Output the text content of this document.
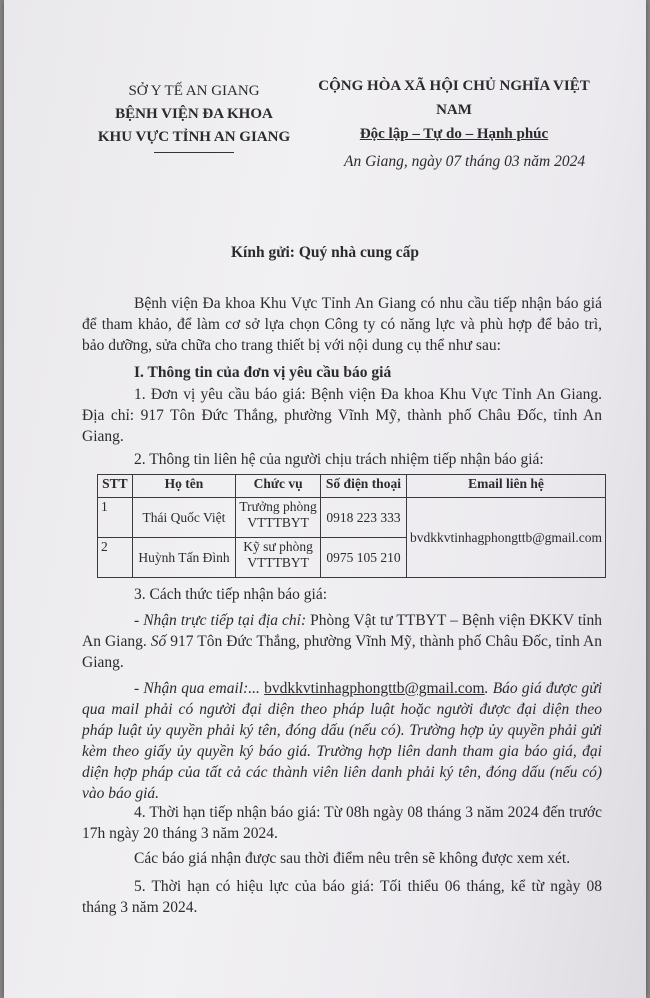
SỞ Y TẾ AN GIANG
BỆNH VIỆN ĐA KHOA
KHU VỰC TỈNH AN GIANG
CỘNG HÒA XÃ HỘI CHỦ NGHĨA VIỆT NAM
Độc lập – Tự do – Hạnh phúc
An Giang, ngày 07 tháng 03 năm 2024
Kính gửi: Quý nhà cung cấp
Bệnh viện Đa khoa Khu Vực Tỉnh An Giang có nhu cầu tiếp nhận báo giá để tham khảo, để làm cơ sở lựa chọn Công ty có năng lực và phù hợp để bảo trì, bảo dưỡng, sửa chữa cho trang thiết bị với nội dung cụ thể như sau:
I. Thông tin của đơn vị yêu cầu báo giá
1. Đơn vị yêu cầu báo giá: Bệnh viện Đa khoa Khu Vực Tỉnh An Giang. Địa chỉ: 917 Tôn Đức Thắng, phường Vĩnh Mỹ, thành phố Châu Đốc, tỉnh An Giang.
2. Thông tin liên hệ của người chịu trách nhiệm tiếp nhận báo giá:
STT	Họ tên	Chức vụ	Số điện thoại	Email liên hệ
1	Thái Quốc Việt	Trưởng phòng VTTTBYT	0918 223 333	bvdkkvtinhagphongttb@gmail.com
2	Huỳnh Tấn Đình	Kỹ sư phòng VTTTBYT	0975 105 210	
3. Cách thức tiếp nhận báo giá:
- Nhận trực tiếp tại địa chỉ: Phòng Vật tư TTBYT – Bệnh viện ĐKKV tỉnh An Giang. Số 917 Tôn Đức Thắng, phường Vĩnh Mỹ, thành phố Châu Đốc, tỉnh An Giang.
- Nhận qua email:... bvdkkvtinhagphongttb@gmail.com. Báo giá được gửi qua mail phải có người đại diện theo pháp luật hoặc người được đại diện theo pháp luật ủy quyền phải ký tên, đóng dấu (nếu có). Trường hợp ủy quyền phải gửi kèm theo giấy ủy quyền ký báo giá. Trường hợp liên danh tham gia báo giá, đại diện hợp pháp của tất cả các thành viên liên danh phải ký tên, đóng dấu (nếu có) vào báo giá.
4. Thời hạn tiếp nhận báo giá: Từ 08h ngày 08 tháng 3 năm 2024 đến trước 17h ngày 20 tháng 3 năm 2024.
Các báo giá nhận được sau thời điểm nêu trên sẽ không được xem xét.
5. Thời hạn có hiệu lực của báo giá: Tối thiểu 06 tháng, kể từ ngày 08 tháng 3 năm 2024.
